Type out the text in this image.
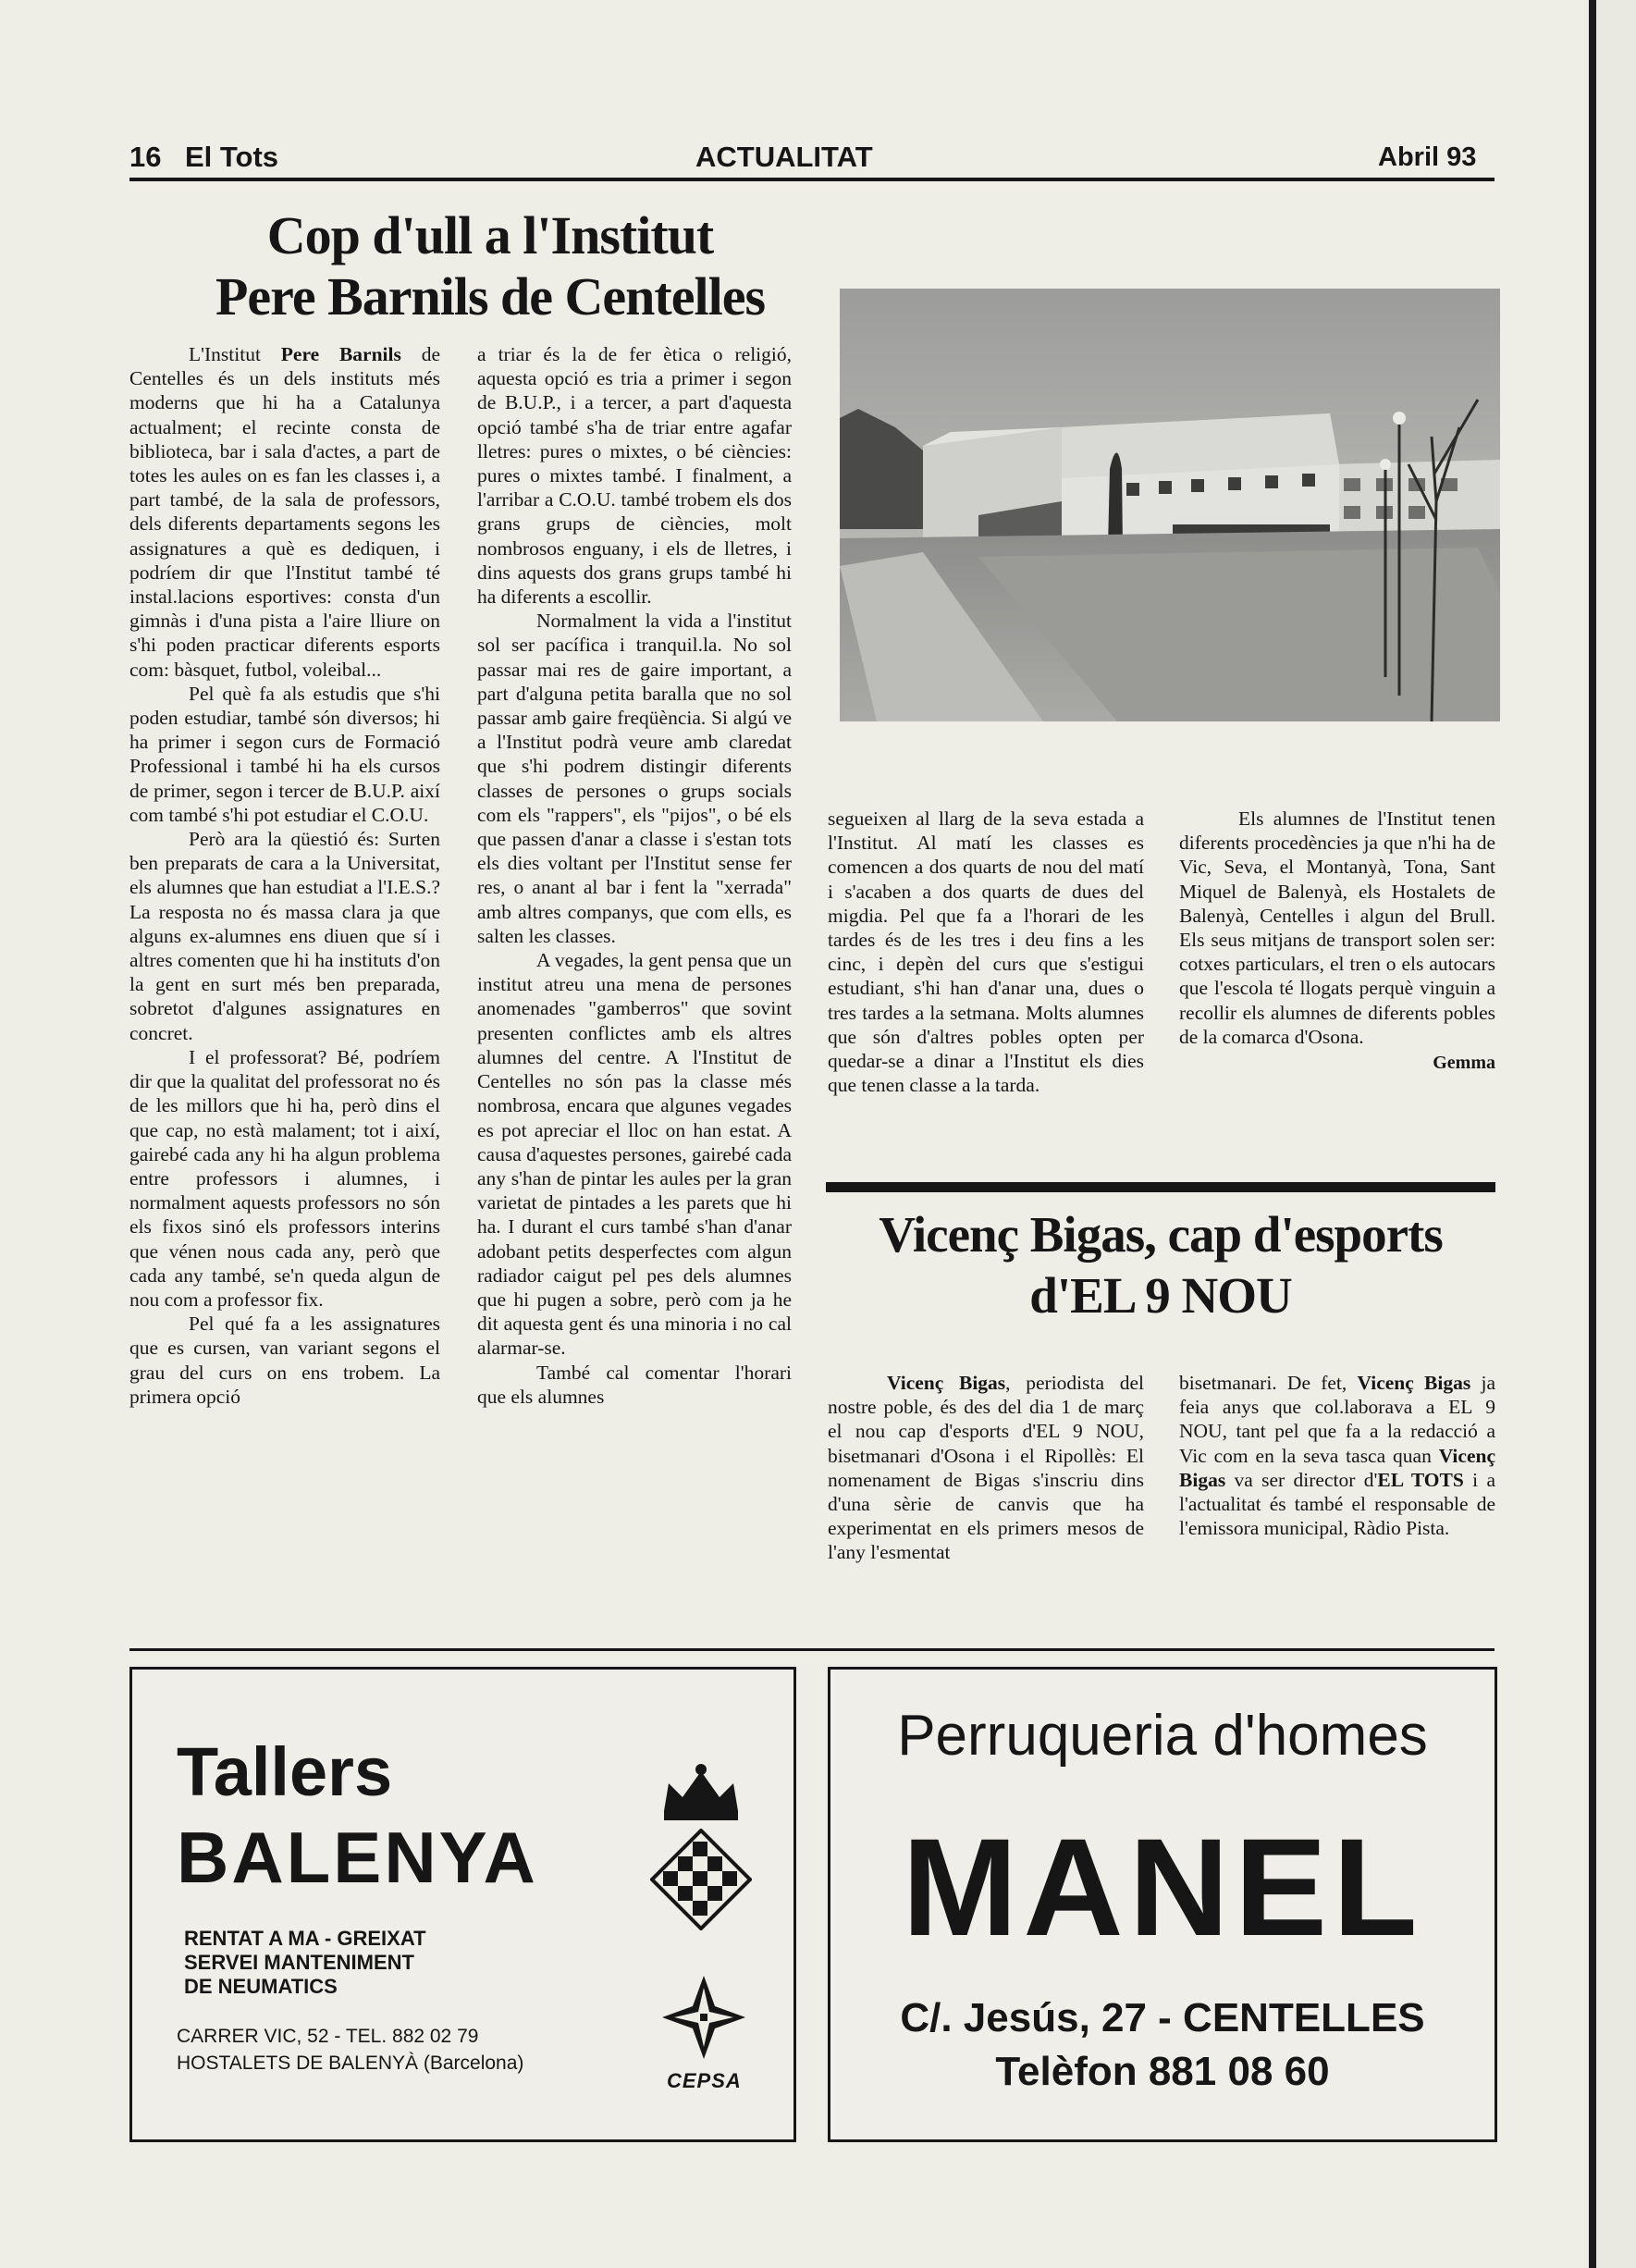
16 El Tots	ACTUALITAT	Abril 93
Cop d'ull a l'Institut
Pere Barnils de Centelles

L'Institut Pere Barnils de Centelles és un dels instituts més moderns que hi ha a Catalunya actualment; el recinte consta de biblioteca, bar i sala d'actes, a part de totes les aules on es fan les classes i, a part també, de la sala de professors, dels diferents departaments segons les assignatures a què es dediquen, i podríem dir que l'Institut també té instal.lacions esportives: consta d'un gimnàs i d'una pista a l'aire lliure on s'hi poden practicar diferents esports com: bàsquet, futbol, voleibal...

Pel què fa als estudis que s'hi poden estudiar, també són diversos; hi ha primer i segon curs de Formació Professional i també hi ha els cursos de primer, segon i tercer de B.U.P. així com també s'hi pot estudiar el C.O.U.

Però ara la qüestió és: Surten ben preparats de cara a la Universitat, els alumnes que han estudiat a l'I.E.S.? La resposta no és massa clara ja que alguns ex-alumnes ens diuen que sí i altres comenten que hi ha instituts d'on la gent en surt més ben preparada, sobretot d'algunes assignatures en concret.

I el professorat? Bé, podríem dir que la qualitat del professorat no és de les millors que hi ha, però dins el que cap, no està malament; tot i així, gairebé cada any hi ha algun problema entre professors i alumnes, i normalment aquests professors no són els fixos sinó els professors interins que vénen nous cada any, però que cada any també, se'n queda algun de nou com a professor fix.

Pel qué fa a les assignatures que es cursen, van variant segons el grau del curs on ens trobem. La primera opció

a triar és la de fer ètica o religió, aquesta opció es tria a primer i segon de B.U.P., i a tercer, a part d'aquesta opció també s'ha de triar entre agafar lletres: pures o mixtes, o bé ciències: pures o mixtes també. I finalment, a l'arribar a C.O.U. també trobem els dos grans grups de ciències, molt nombrosos enguany, i els de lletres, i dins aquests dos grans grups també hi ha diferents a escollir.

Normalment la vida a l'institut sol ser pacífica i tranquil.la. No sol passar mai res de gaire important, a part d'alguna petita baralla que no sol passar amb gaire freqüència. Si algú ve a l'Institut podrà veure amb claredat que s'hi podrem distingir diferents classes de persones o grups socials com els "rappers", els "pijos", o bé els que passen d'anar a classe i s'estan tots els dies voltant per l'Institut sense fer res, o anant al bar i fent la "xerrada" amb altres companys, que com ells, es salten les classes.

A vegades, la gent pensa que un institut atreu una mena de persones anomenades "gamberros" que sovint presenten conflictes amb els altres alumnes del centre. A l'Institut de Centelles no són pas la classe més nombrosa, encara que algunes vegades es pot apreciar el lloc on han estat. A causa d'aquestes persones, gairebé cada any s'han de pintar les aules per la gran varietat de pintades a les parets que hi ha. I durant el curs també s'han d'anar adobant petits desperfectes com algun radiador caigut pel pes dels alumnes que hi pugen a sobre, però com ja he dit aquesta gent és una minoria i no cal alarmar-se.

També cal comentar l'horari que els alumnes

segueixen al llarg de la seva estada a l'Institut. Al matí les classes es comencen a dos quarts de nou del matí i s'acaben a dos quarts de dues del migdia. Pel que fa a l'horari de les tardes és de les tres i deu fins a les cinc, i depèn del curs que s'estigui estudiant, s'hi han d'anar una, dues o tres tardes a la setmana. Molts alumnes que són d'altres pobles opten per quedar-se a dinar a l'Institut els dies que tenen classe a la tarda.

Els alumnes de l'Institut tenen diferents procedències ja que n'hi ha de Vic, Seva, el Montanyà, Tona, Sant Miquel de Balenyà, els Hostalets de Balenyà, Centelles i algun del Brull. Els seus mitjans de transport solen ser: cotxes particulars, el tren o els autocars que l'escola té llogats perquè vinguin a recollir els alumnes de diferents pobles de la comarca d'Osona.

Gemma
Vicenç Bigas, cap d'esports
d'EL 9 NOU

Vicenç Bigas, periodista del nostre poble, és des del dia 1 de març el nou cap d'esports d'EL 9 NOU, bisetmanari d'Osona i el Ripollès: El nomenament de Bigas s'inscriu dins d'una sèrie de canvis que ha experimentat en els primers mesos de l'any l'esmentat

bisetmanari. De fet, Vicenç Bigas ja feia anys que col.laborava a EL 9 NOU, tant pel que fa a la redacció a Vic com en la seva tasca quan Vicenç Bigas va ser director d'EL TOTS i a l'actualitat és també el responsable de l'emissora municipal, Ràdio Pista.

Tallers
BALENYA
RENTAT A MA - GREIXAT
SERVEI MANTENIMENT
DE NEUMATICS
CARRER VIC, 52 - TEL. 882 02 79
HOSTALETS DE BALENYÀ (Barcelona)
CEPSA
Perruqueria d'homes
MANEL
C/. Jesús, 27 - CENTELLES
Telèfon 881 08 60
